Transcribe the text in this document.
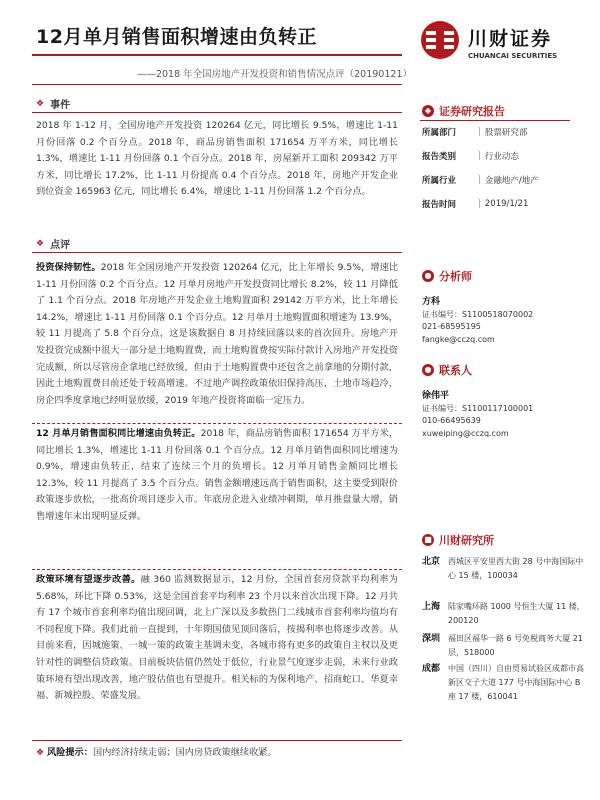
12月单月销售面积增速由负转正
——2018 年全国房地产开发投资和销售情况点评（20190121）
川财证券
CHUANCAI SECURITIES
❖ 事件
2018 年 1-12 月，全国房地产开发投资 120264 亿元，同比增长 9.5%，增速比 1-11 月份回落 0.2 个百分点。2018 年，商品房销售面积 171654 万平方米，同比增长 1.3%，增速比 1-11 月份回落 0.1 个百分点。2018 年，房屋新开工面积 209342 万平方米，同比增长 17.2%，比 1-11 月份提高 0.4 个百分点。2018 年，房地产开发企业到位资金 165963 亿元，同比增长 6.4%，增速比 1-11 月份回落 1.2 个百分点。
❖ 点评
投资保持韧性。2018 年全国房地产开发投资 120264 亿元，比上年增长 9.5%，增速比 1-11 月份回落 0.2 个百分点。12 月单月房地产开发投资同比增长 8.2%，较 11 月降低了 1.1 个百分点。2018 年房地产开发企业土地购置面积 29142 万平方米，比上年增长 14.2%，增速比 1-11 月份回落 0.1 个百分点。12 月单月土地购置面积增速为 13.9%，较 11 月提高了 5.8 个百分点，这是该数据自 8 月持续回落以来的首次回升。房地产开发投资完成额中很大一部分是土地购置费，而土地购置费按实际付款计入房地产开发投资完成额，所以尽管房企拿地已经放缓，但由于土地购置费中还包含之前拿地的分期付款，因此土地购置费目前还处于较高增速。不过地产调控政策依旧保持高压，土地市场趋冷，房企四季度拿地已经明显放缓，2019 年地产投资将面临一定压力。
12 月单月销售面积同比增速由负转正。2018 年，商品房销售面积 171654 万平方米，同比增长 1.3%，增速比 1-11 月份回落 0.1 个百分点。12 月单月销售面积同比增速为 0.9%，增速由负转正，结束了连续三个月的负增长。12 月单月销售金额同比增长 12.3%，较 11 月提高了 3.5 个百分点。销售金额增速远高于销售面积，这主要受到限价政策逐步放松，一批高价项目逐步入市。年底房企进入业绩冲刺期，单月推盘量大增，销售增速年末出现明显反弹。
政策环境有望逐步改善。融 360 监测数据显示，12 月份，全国首套房贷款平均利率为 5.68%，环比下降 0.53%，这是全国首套平均利率 23 个月以来首次出现下降。12 月共有 17 个城市首套利率均值出现回调，北上广深以及多数热门二线城市首套利率均值均有不同程度下降。我们此前一直提到，十年期国债见顶回落后，按揭利率也将逐步改善。从目前来看，因城施策、一城一策的政策主基调未变，各城市将有更多的政策自主权以及更针对性的调整信贷政策。目前板块估值仍然处于低位，行业景气度逐步走弱，未来行业政策环境有望出现改善，地产股估值也有望提升。相关标的为保利地产、招商蛇口、华夏幸福、新城控股、荣盛发展。
❖ 风险提示：国内经济持续走弱；国内房贷政策继续收紧。
◆ 证券研究报告
所属部门	| 股票研究部
报告类别	| 行业动态
所属行业	| 金融地产/地产
报告时间	| 2019/1/21
● 分析师
方科
证书编号：S1100518070002
021-68595195
fangke@cczq.com
● 联系人
徐伟平
证书编号：S1100117100001
010-66495639
xuweiping@cczq.com
■ 川财研究所
北京 西城区平安里西大街 28 号中海国际中心 15 楼，100034
上海 陆家嘴环路 1000 号恒生大厦 11 楼，200120
深圳 福田区福华一路 6 号免税商务大厦 21 层，518000
成都 中国（四川）自由贸易试验区成都市高新区交子大道 177 号中海国际中心 B 座 17 楼，610041
